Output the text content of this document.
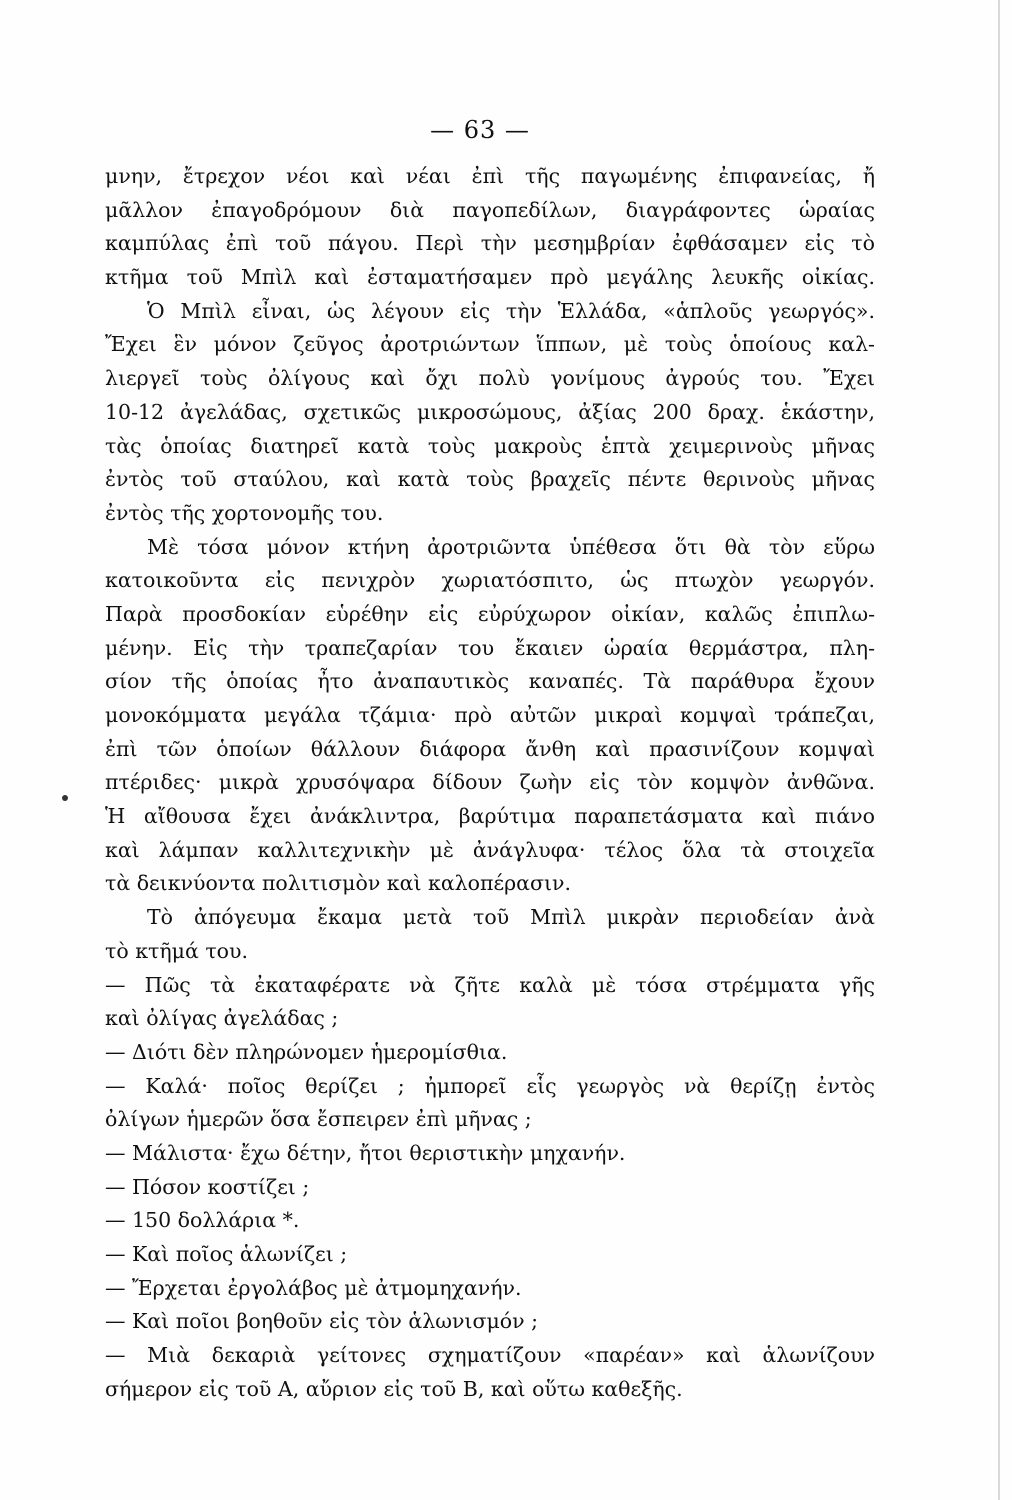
— 63 —
μνην, ἔτρεχον νέοι καὶ νέαι ἐπὶ τῆς παγωμένης ἐπιφανείας, ἤ
μᾶλλον ἐπαγοδρόμουν διὰ παγοπεδίλων, διαγράφοντες ὡραίας
καμπύλας ἐπὶ τοῦ πάγου. Περὶ τὴν μεσημβρίαν ἐφθάσαμεν εἰς τὸ
κτῆμα τοῦ Μπὶλ καὶ ἐσταματήσαμεν πρὸ μεγάλης λευκῆς οἰκίας.
Ὁ Μπὶλ εἶναι, ὡς λέγουν εἰς τὴν Ἑλλάδα, «ἁπλοῦς γεωργός».
Ἔχει ἓν μόνον ζεῦγος ἀροτριώντων ἵππων, μὲ τοὺς ὁποίους καλ-
λιεργεῖ τοὺς ὀλίγους καὶ ὄχι πολὺ γονίμους ἀγρούς του. Ἔχει
10-12 ἀγελάδας, σχετικῶς μικροσώμους, ἀξίας 200 δραχ. ἑκάστην,
τὰς ὁποίας διατηρεῖ κατὰ τοὺς μακροὺς ἑπτὰ χειμερινοὺς μῆνας
ἐντὸς τοῦ σταύλου, καὶ κατὰ τοὺς βραχεῖς πέντε θερινοὺς μῆνας
ἐντὸς τῆς χορτονομῆς του.
Μὲ τόσα μόνον κτήνη ἀροτριῶντα ὑπέθεσα ὅτι θὰ τὸν εὕρω
κατοικοῦντα εἰς πενιχρὸν χωριατόσπιτο, ὡς πτωχὸν γεωργόν.
Παρὰ προσδοκίαν εὑρέθην εἰς εὐρύχωρον οἰκίαν, καλῶς ἐπιπλω-
μένην. Εἰς τὴν τραπεζαρίαν του ἔκαιεν ὡραία θερμάστρα, πλη-
σίον τῆς ὁποίας ἦτο ἀναπαυτικὸς καναπές. Τὰ παράθυρα ἔχουν
μονοκόμματα μεγάλα τζάμια· πρὸ αὐτῶν μικραὶ κομψαὶ τράπεζαι,
ἐπὶ τῶν ὁποίων θάλλουν διάφορα ἄνθη καὶ πρασινίζουν κομψαὶ
πτέριδες· μικρὰ χρυσόψαρα δίδουν ζωὴν εἰς τὸν κομψὸν ἀνθῶνα.
Ἡ αἴθουσα ἔχει ἀνάκλιντρα, βαρύτιμα παραπετάσματα καὶ πιάνο
καὶ λάμπαν καλλιτεχνικὴν μὲ ἀνάγλυφα· τέλος ὅλα τὰ στοιχεῖα
τὰ δεικνύοντα πολιτισμὸν καὶ καλοπέρασιν.
Τὸ ἀπόγευμα ἔκαμα μετὰ τοῦ Μπὶλ μικρὰν περιοδείαν ἀνὰ
τὸ κτῆμά του.
— Πῶς τὰ ἐκαταφέρατε νὰ ζῆτε καλὰ μὲ τόσα στρέμματα γῆς
καὶ ὀλίγας ἀγελάδας ;
— Διότι δὲν πληρώνομεν ἡμερομίσθια.
— Καλά· ποῖος θερίζει ; ἠμπορεῖ εἷς γεωργὸς νὰ θερίζῃ ἐντὸς
ὀλίγων ἡμερῶν ὅσα ἔσπειρεν ἐπὶ μῆνας ;
— Μάλιστα· ἔχω δέτην, ἤτοι θεριστικὴν μηχανήν.
— Πόσον κοστίζει ;
— 150 δολλάρια *.
— Καὶ ποῖος ἁλωνίζει ;
— Ἔρχεται ἐργολάβος μὲ ἀτμομηχανήν.
— Καὶ ποῖοι βοηθοῦν εἰς τὸν ἁλωνισμόν ;
— Μιὰ δεκαριὰ γείτονες σχηματίζουν «παρέαν» καὶ ἁλωνίζουν
σήμερον εἰς τοῦ Α, αὔριον εἰς τοῦ Β, καὶ οὕτω καθεξῆς.
